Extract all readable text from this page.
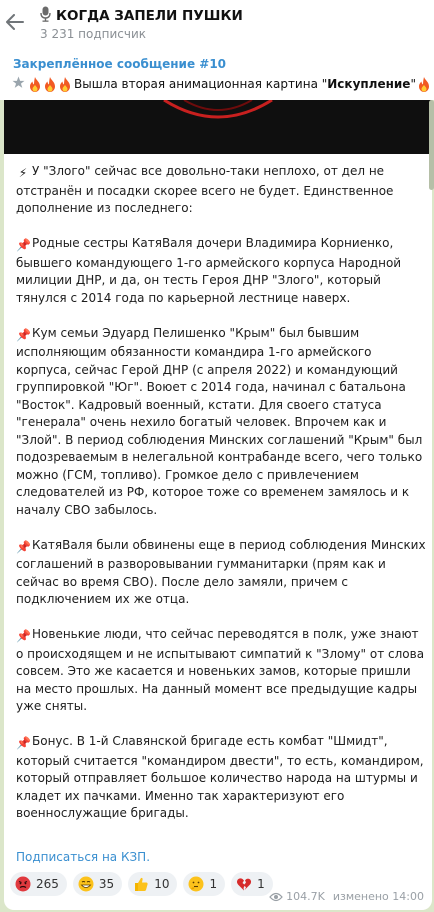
КОГДА ЗАПЕЛИ ПУШКИ
3 231 подписчик
Закреплённое сообщение #10
Вышла вторая анимационная картина " Искупление "
⚡ У "Злого" сейчас все довольно-таки неплохо, от дел не отстранён и посадки скорее всего не будет. Единственное дополнение из последнего:
📌Родные сестры КатяВаля дочери Владимира Корниенко, бывшего командующего 1-го армейского корпуса Народной милиции ДНР, и да, он тесть Героя ДНР "Злого", который тянулся с 2014 года по карьерной лестнице наверх.
📌Кум семьи Эдуард Пелишенко "Крым" был бывшим исполняющим обязанности командира 1-го армейского корпуса, сейчас Герой ДНР (с апреля 2022) и командующий группировкой "Юг". Воюет с 2014 года, начинал с батальона "Восток". Кадровый военный, кстати. Для своего статуса "генерала" очень нехило богатый человек. Впрочем как и "Злой". В период соблюдения Минских соглашений "Крым" был подозреваемым в нелегальной контрабанде всего, чего только можно (ГСМ, топливо). Громкое дело с привлечением следователей из РФ, которое тоже со временем замялось и к началу СВО забылось.
📌КатяВаля были обвинены еще в период соблюдения Минских соглашений в разворовывании гумманитарки (прям как и сейчас во время СВО). После дело замяли, причем с подключением их же отца.
📌Новенькие люди, что сейчас переводятся в полк, уже знают о происходящем и не испытывают симпатий к "Злому" от слова совсем. Это же касается и новеньких замов, которые пришли на место прошлых. На данный момент все предыдущие кадры уже сняты.
📌Бонус. В 1-й Славянской бригаде есть комбат "Шмидт", который считается "командиром двести", то есть, командиром, который отправляет большое количество народа на штурмы и кладет их пачками. Именно так характеризуют его военнослужащие бригады.
Подписаться на КЗП.
265	35	10	1	1
104.7K изменено 14:00
